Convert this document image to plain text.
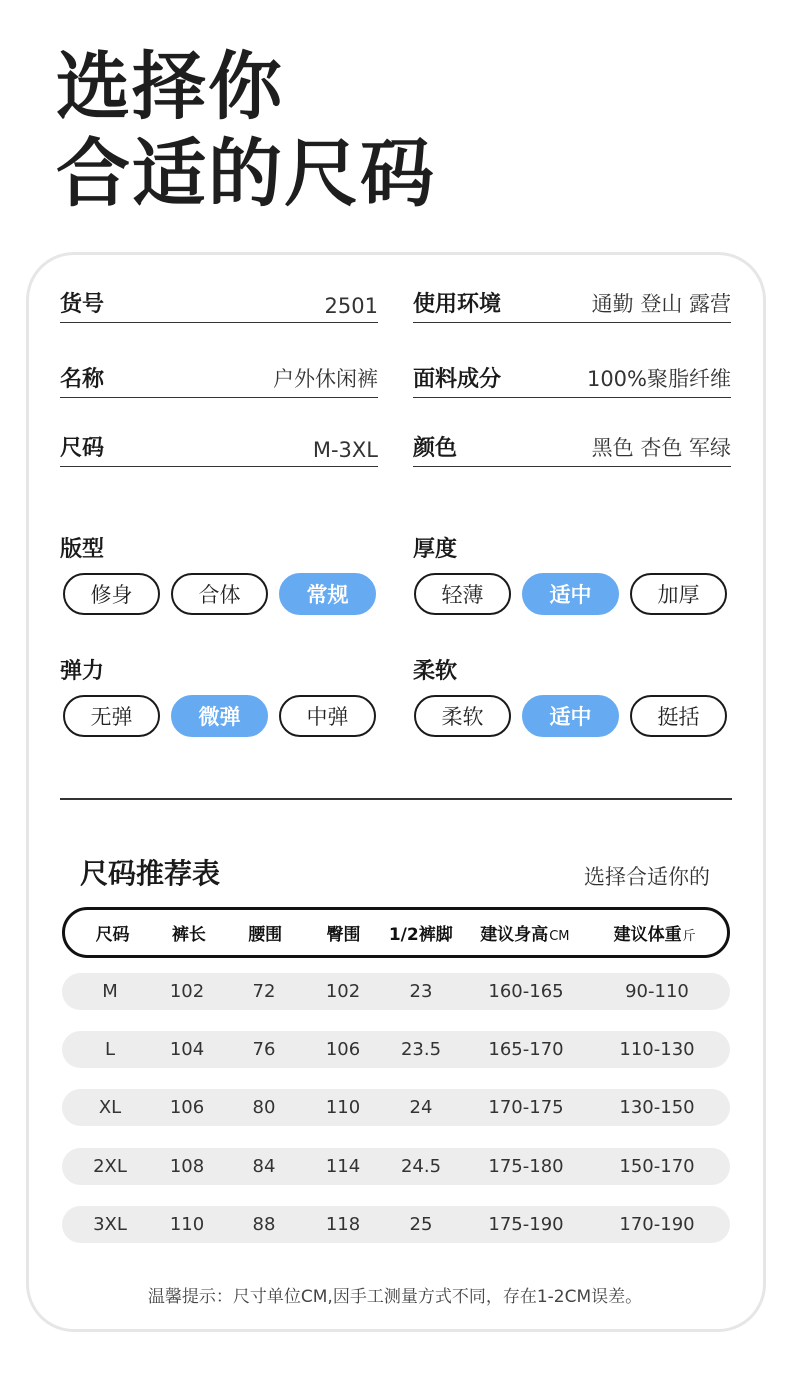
选择你
合适的尺码
货号	2501
名称	户外休闲裤
尺码	M-3XL
使用环境	通勤 登山 露营
面料成分	100%聚脂纤维
颜色	黑色 杏色 军绿
版型
修身	合体	常规
厚度
轻薄	适中	加厚
弹力
无弹	微弹	中弹
柔软
柔软	适中	挺括
尺码推荐表	选择合适你的
尺码	裤长	腰围	臀围	1/2裤脚	建议身高CM	建议体重斤
M	102	72	102	23	160-165	90-110
L	104	76	106	23.5	165-170	110-130
XL	106	80	110	24	170-175	130-150
2XL	108	84	114	24.5	175-180	150-170
3XL	110	88	118	25	175-190	170-190
温馨提示：尺寸单位CM,因手工测量方式不同，存在1-2CM误差。
